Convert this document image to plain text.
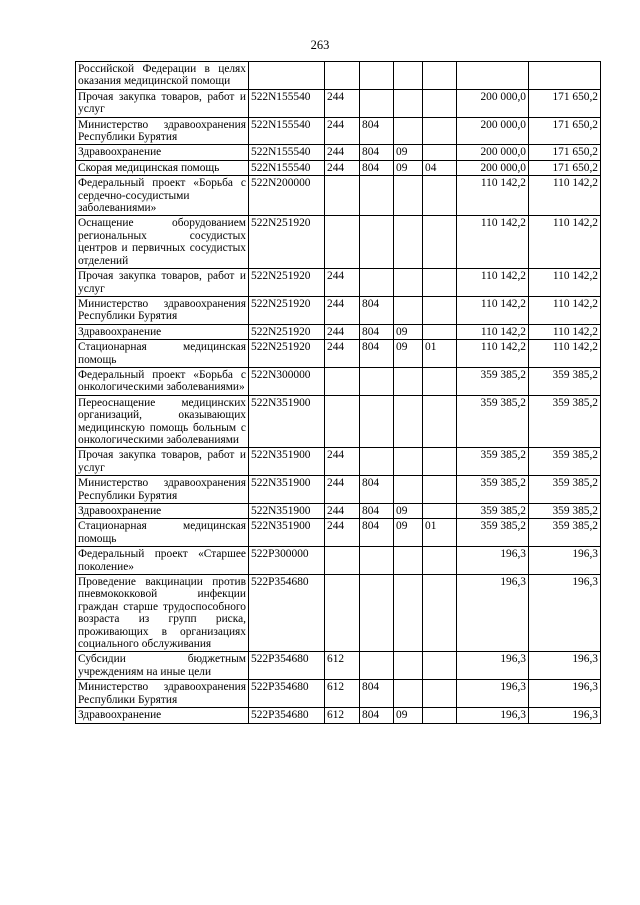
263
Российской Федерации в целях оказания медицинской помощи							
Прочая закупка товаров, работ и услуг	522N155540	244				200 000,0	171 650,2
Министерство здравоохранения Республики Бурятия	522N155540	244	804			200 000,0	171 650,2
Здравоохранение	522N155540	244	804	09		200 000,0	171 650,2
Скорая медицинская помощь	522N155540	244	804	09	04	200 000,0	171 650,2
Федеральный проект «Борьба с сердечно-сосудистыми заболеваниями»	522N200000					110 142,2	110 142,2
Оснащение оборудованием региональных сосудистых центров и первичных сосудистых отделений	522N251920					110 142,2	110 142,2
Прочая закупка товаров, работ и услуг	522N251920	244				110 142,2	110 142,2
Министерство здравоохранения Республики Бурятия	522N251920	244	804			110 142,2	110 142,2
Здравоохранение	522N251920	244	804	09		110 142,2	110 142,2
Стационарная медицинская помощь	522N251920	244	804	09	01	110 142,2	110 142,2
Федеральный проект «Борьба с онкологическими заболеваниями»	522N300000					359 385,2	359 385,2
Переоснащение медицинских организаций, оказывающих медицинскую помощь больным с онкологическими заболеваниями	522N351900					359 385,2	359 385,2
Прочая закупка товаров, работ и услуг	522N351900	244				359 385,2	359 385,2
Министерство здравоохранения Республики Бурятия	522N351900	244	804			359 385,2	359 385,2
Здравоохранение	522N351900	244	804	09		359 385,2	359 385,2
Стационарная медицинская помощь	522N351900	244	804	09	01	359 385,2	359 385,2
Федеральный проект «Старшее поколение»	522P300000					196,3	196,3
Проведение вакцинации против пневмококковой инфекции граждан старше трудоспособного возраста из групп риска, проживающих в организациях социального обслуживания	522P354680					196,3	196,3
Субсидии бюджетным учреждениям на иные цели	522P354680	612				196,3	196,3
Министерство здравоохранения Республики Бурятия	522P354680	612	804			196,3	196,3
Здравоохранение	522P354680	612	804	09		196,3	196,3
